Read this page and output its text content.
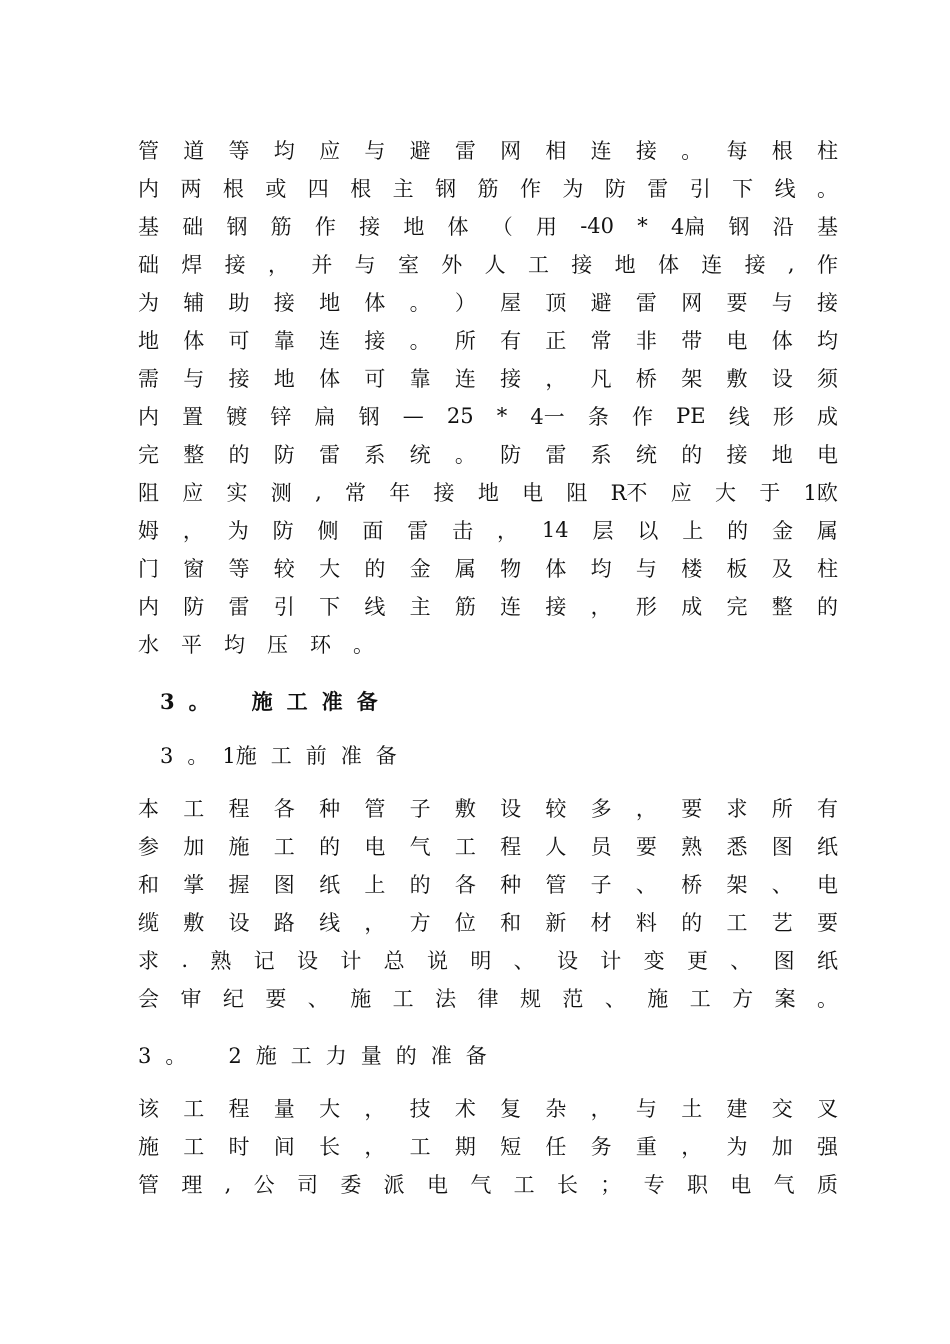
管 道 等 均 应 与 避 雷 网 相 连 接 。 每 根 柱
内 两 根 或 四 根 主 钢 筋 作 为 防 雷 引 下 线 。
基 础 钢 筋 作 接 地 体 （ 用 -40 * 4扁 钢 沿 基
础 焊 接 ， 并 与 室 外 人 工 接 地 体 连 接 , 作
为 辅 助 接 地 体 。 ） 屋 顶 避 雷 网 要 与 接
地 体 可 靠 连 接 。 所 有 正 常 非 带 电 体 均
需 与 接 地 体 可 靠 连 接 ， 凡 桥 架 敷 设 须
内 置 镀 锌 扁 钢 — 25 * 4一 条 作 PE 线 形 成
完 整 的 防 雷 系 统 。 防 雷 系 统 的 接 地 电
阻 应 实 测 , 常 年 接 地 电 阻 R不 应 大 于 1欧
姆 ， 为 防 侧 面 雷 击 ， 14 层 以 上 的 金 属
门 窗 等 较 大 的 金 属 物 体 均 与 楼 板 及 柱
内 防 雷 引 下 线 主 筋 连 接 ， 形 成 完 整 的
水 平 均 压 环 。
3 。 施 工 准 备
3 。 1施 工 前 准 备
本 工 程 各 种 管 子 敷 设 较 多 ， 要 求 所 有
参 加 施 工 的 电 气 工 程 人 员 要 熟 悉 图 纸
和 掌 握 图 纸 上 的 各 种 管 子 、 桥 架 、 电
缆 敷 设 路 线 ， 方 位 和 新 材 料 的 工 艺 要
求 . 熟 记 设 计 总 说 明 、 设 计 变 更 、 图 纸
会 审 纪 要 、 施 工 法 律 规 范 、 施 工 方 案 。
3 。 2 施 工 力 量 的 准 备
该 工 程 量 大 ， 技 术 复 杂 ， 与 土 建 交 叉
施 工 时 间 长 ， 工 期 短 任 务 重 ， 为 加 强
管 理 , 公 司 委 派 电 气 工 长 ； 专 职 电 气 质
